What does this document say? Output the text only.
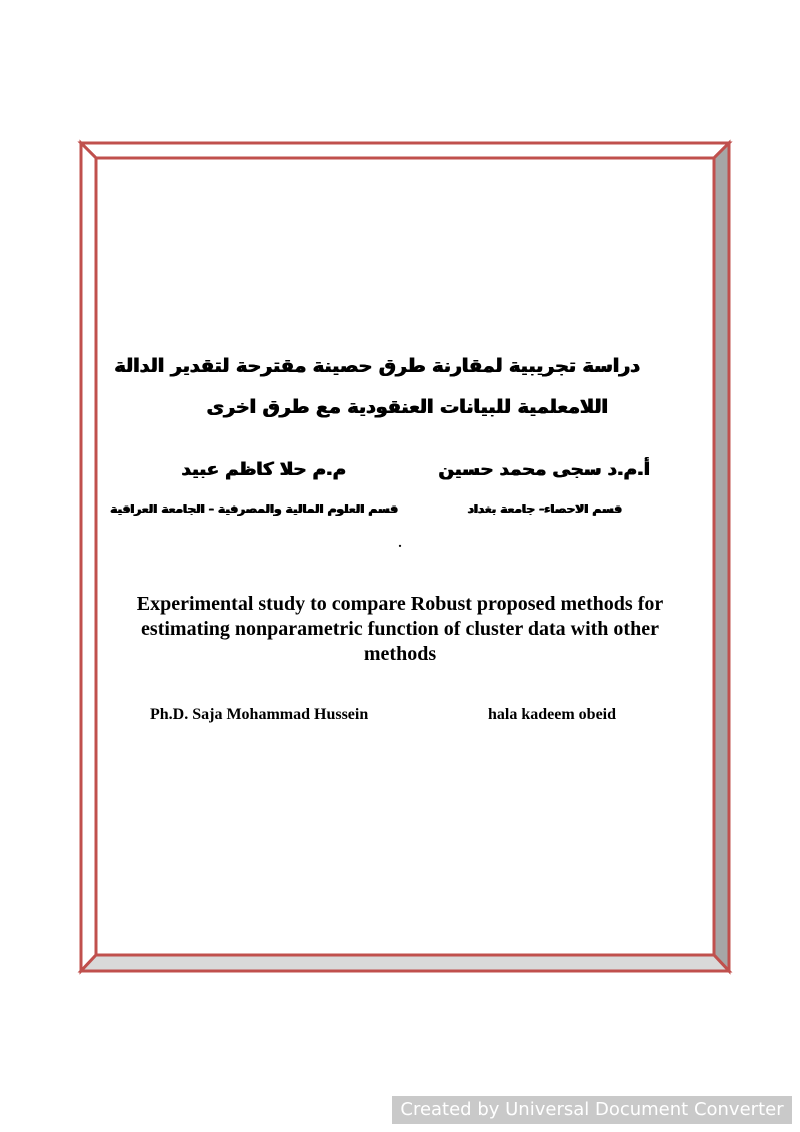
دراسة تجريبية لمقارنة طرق حصينة مقترحة لتقدير الدالة
اللامعلمية للبيانات العنقودية مع طرق اخرى
أ.م.د سجى محمد حسين
م.م حلا كاظم عبيد
قسم الاحصاء- جامعة بغداد
قسم العلوم المالية والمصرفية - الجامعة العراقية
.
Experimental study to compare Robust proposed methods for
estimating nonparametric function of cluster data with other
methods
Ph.D. Saja Mohammad Hussein	hala kadeem obeid
Created by Universal Document Converter
